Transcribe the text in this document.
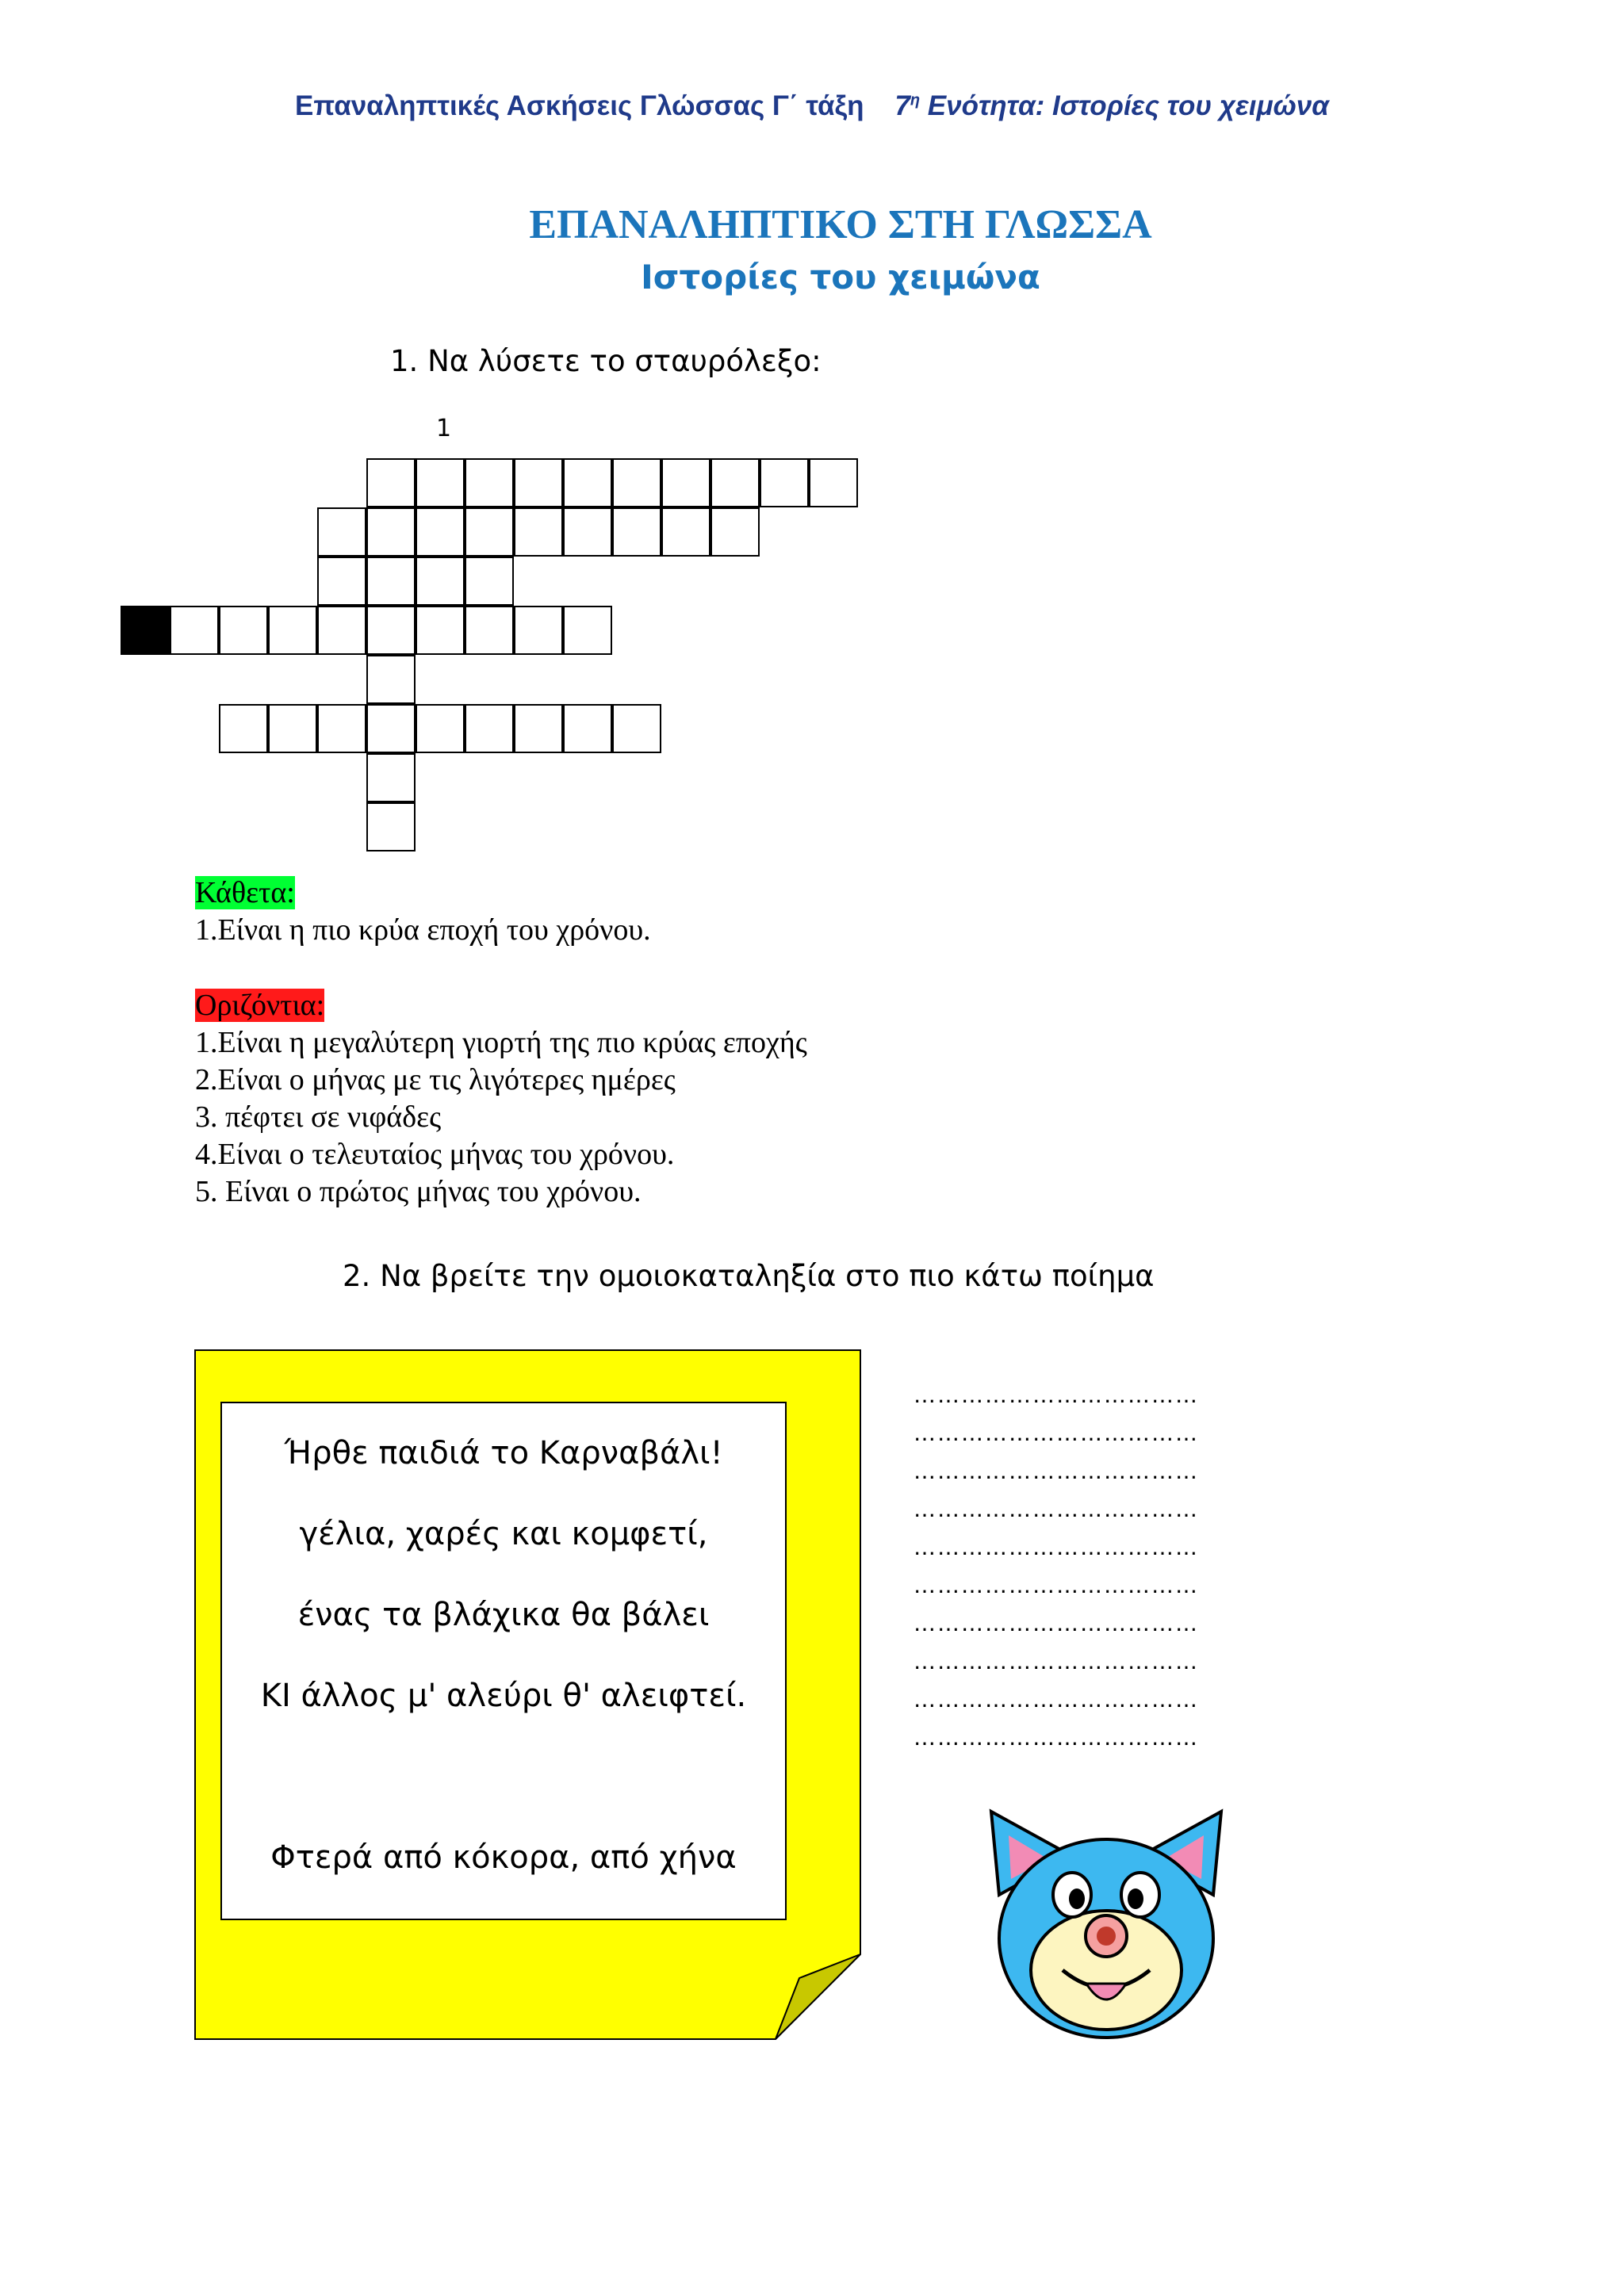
Επαναληπτικές Ασκήσεις Γλώσσας Γ΄ τάξη $7^\eta$ Ενότητα: Ιστορίες του χειμώνα
ΕΠΑΝΑΛΗΠΤΙΚΟ ΣΤΗ ΓΛΩΣΣΑ
Ιστορίες του χειμώνα
1. Να λύσετε το σταυρόλεξο:
1
Κάθετα:
1.Είναι η πιο κρύα εποχή του χρόνου.
Οριζόντια:
1.Είναι η μεγαλύτερη γιορτή της πιο κρύας εποχής
2.Είναι ο μήνας με τις λιγότερες ημέρες
3. πέφτει σε νιφάδες
4.Είναι ο τελευταίος μήνας του χρόνου.
5. Είναι ο πρώτος μήνας του χρόνου.
2. Να βρείτε την ομοιοκαταληξία στο πιο κάτω ποίημα
Ήρθε παιδιά το Καρναβάλι!
γέλια, χαρές και κομφετί,
ένας τα βλάχικα θα βάλει
ΚΙ άλλος μ' αλεύρι θ' αλειφτεί.
Φτερά από κόκορα, από χήνα
………………………………
………………………………
………………………………
………………………………
………………………………
………………………………
………………………………
………………………………
………………………………
………………………………
